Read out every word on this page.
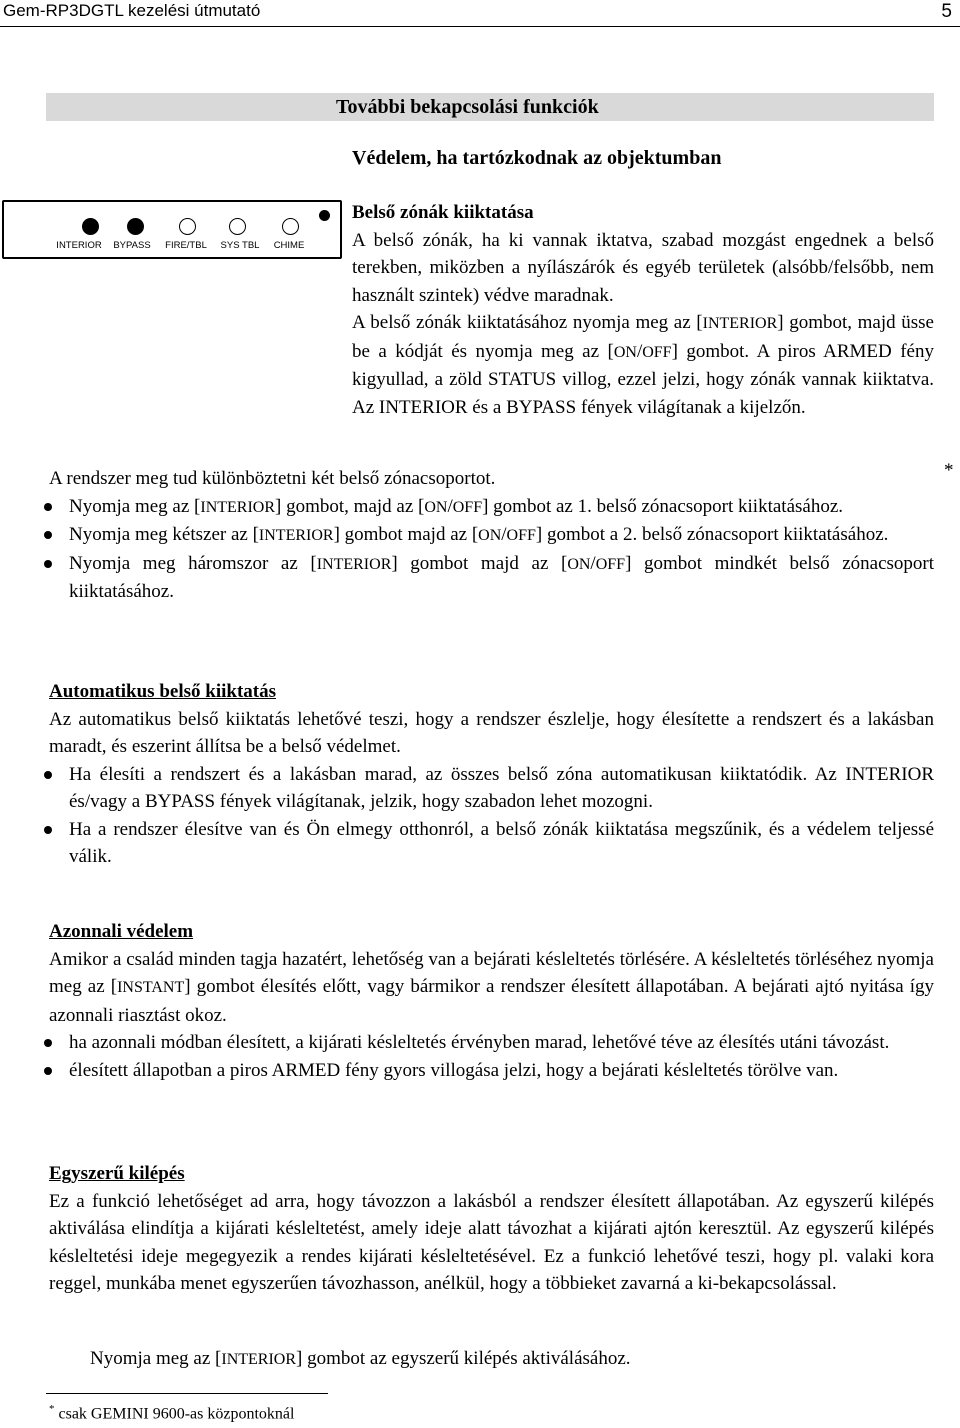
Gem-RP3DGTL kezelési útmutató	5
További bekapcsolási funkciók
Védelem, ha tartózkodnak az objektumban
INTERIOR BYPASS FIRE/TBL SYS TBL CHIME
Belső zónák kiiktatása
A belső zónák, ha ki vannak iktatva, szabad mozgást engednek a belső terekben, miközben a nyílászárók és egyéb területek (alsóbb/felsőbb, nem használt szintek) védve maradnak.
A belső zónák kiiktatásához nyomja meg az [INTERIOR] gombot, majd üsse be a kódját és nyomja meg az [ON/OFF] gombot. A piros ARMED fény kigyullad, a zöld STATUS villog, ezzel jelzi, hogy zónák vannak kiiktatva. Az INTERIOR és a BYPASS fények világítanak a kijelzőn.
A rendszer meg tud különböztetni két belső zónacsoportot.
Nyomja meg az [INTERIOR] gombot, majd az [ON/OFF] gombot az 1. belső zónacsoport kiiktatásához.
Nyomja meg kétszer az [INTERIOR] gombot majd az [ON/OFF] gombot a 2. belső zónacsoport kiiktatásához.
Nyomja meg háromszor az [INTERIOR] gombot majd az [ON/OFF] gombot mindkét belső zónacsoport kiiktatásához.
*
Automatikus belső kiiktatás
Az automatikus belső kiiktatás lehetővé teszi, hogy a rendszer észlelje, hogy élesítette a rendszert és a lakásban maradt, és eszerint állítsa be a belső védelmet.
Ha élesíti a rendszert és a lakásban marad, az összes belső zóna automatikusan kiiktatódik. Az INTERIOR és/vagy a BYPASS fények világítanak, jelzik, hogy szabadon lehet mozogni.
Ha a rendszer élesítve van és Ön elmegy otthonról, a belső zónák kiiktatása megszűnik, és a védelem teljessé válik.
Azonnali védelem
Amikor a család minden tagja hazatért, lehetőség van a bejárati késleltetés törlésére. A késleltetés törléséhez nyomja meg az [INSTANT] gombot élesítés előtt, vagy bármikor a rendszer élesített állapotában. A bejárati ajtó nyitása így azonnali riasztást okoz.
ha azonnali módban élesített, a kijárati késleltetés érvényben marad, lehetővé téve az élesítés utáni távozást.
élesített állapotban a piros ARMED fény gyors villogása jelzi, hogy a bejárati késleltetés törölve van.
Egyszerű kilépés
Ez a funkció lehetőséget ad arra, hogy távozzon a lakásból a rendszer élesített állapotában. Az egyszerű kilépés aktiválása elindítja a kijárati késleltetést, amely ideje alatt távozhat a kijárati ajtón keresztül. Az egyszerű kilépés késleltetési ideje megegyezik a rendes kijárati késleltetésével. Ez a funkció lehetővé teszi, hogy pl. valaki kora reggel, munkába menet egyszerűen távozhasson, anélkül, hogy a többieket zavarná a ki-bekapcsolással.
Nyomja meg az [INTERIOR] gombot az egyszerű kilépés aktiválásához.
* csak GEMINI 9600-as központoknál
